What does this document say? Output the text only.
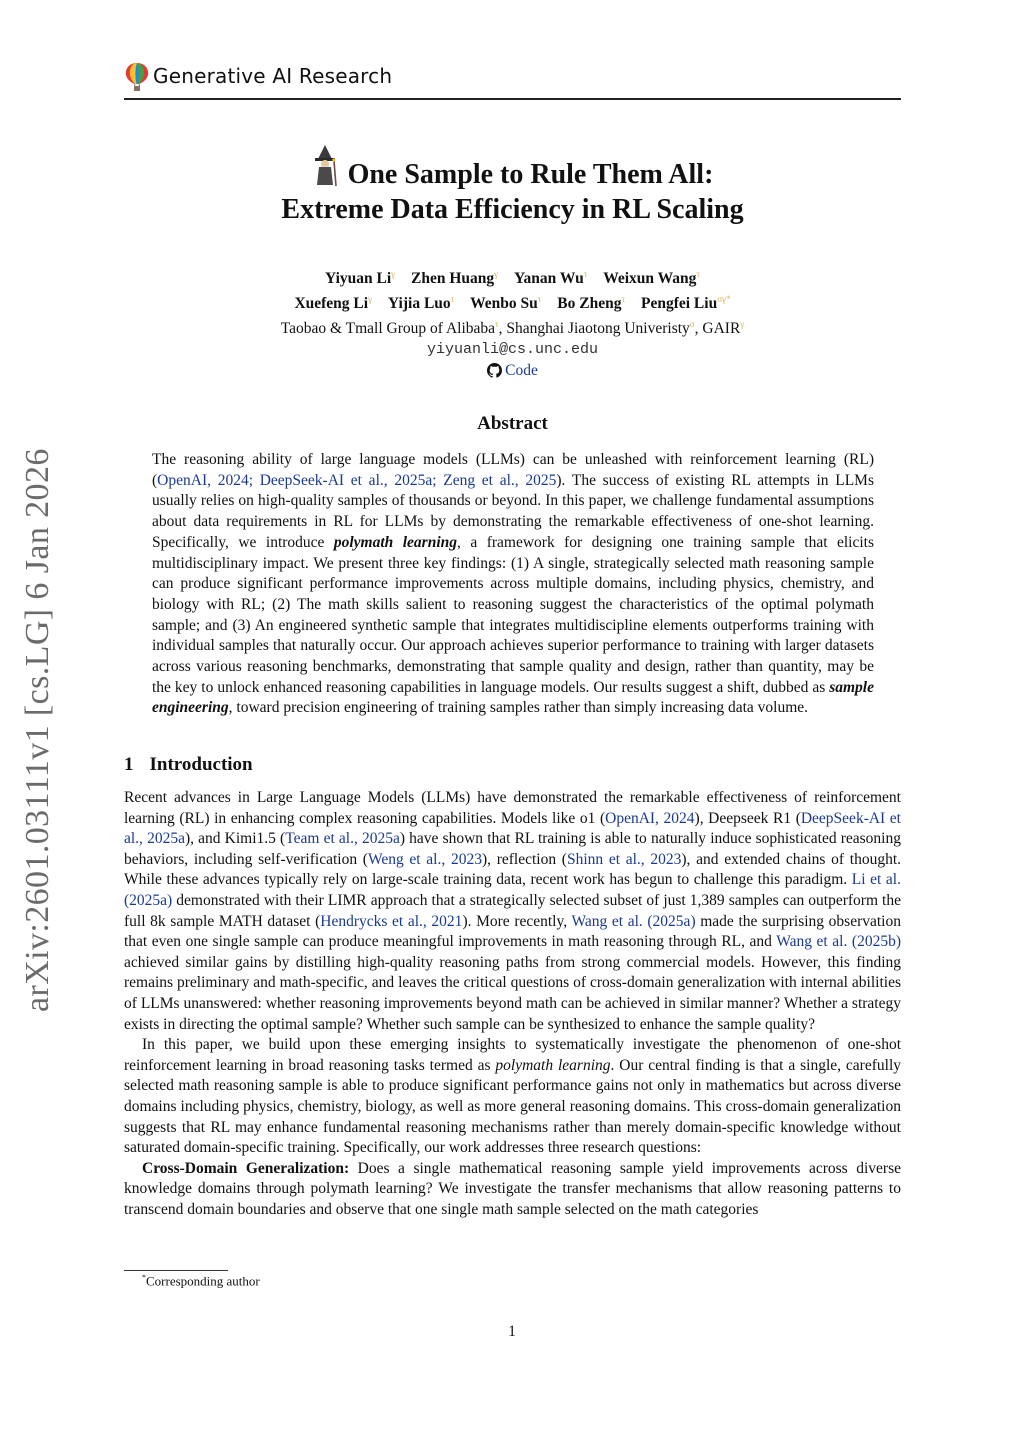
Generative AI Research
arXiv:2601.03111v1 [cs.LG] 6 Jan 2026
One Sample to Rule Them All:
Extreme Data Efficiency in RL Scaling
Yiyuan $Li^\gamma$ Zhen Huang$^\gamma$ Yanan $Wu^\tau$ Weixun Wang$^\tau$
Xuefeng $Li^\gamma$ Yijia Luo$^\tau$ Wenbo $Su^\tau$ Bo Zheng$^\tau$ Pengfei Liu$^{\sigma\gamma*}$
Taobao & Tmall Group of Alibaba$^\tau$, Shanghai Jiaotong Univeristy$^\sigma$, $GAIR^\gamma$
yiyuanli@cs.unc.edu
Code
Abstract
The reasoning ability of large language models (LLMs) can be unleashed with reinforcement learning (RL) (OpenAI, 2024; DeepSeek-AI et al., 2025a; Zeng et al., 2025). The success of existing RL attempts in LLMs usually relies on high-quality samples of thousands or beyond. In this paper, we challenge fundamental assumptions about data requirements in RL for LLMs by demonstrating the remarkable effectiveness of one-shot learning. Specifically, we introduce polymath learning, a framework for designing one training sample that elicits multidisciplinary impact. We present three key findings: (1) A single, strategically selected math reasoning sample can produce significant performance improvements across multiple domains, including physics, chemistry, and biology with RL; (2) The math skills salient to reasoning suggest the characteristics of the optimal polymath sample; and (3) An engineered synthetic sample that integrates multidiscipline elements outperforms training with individual samples that naturally occur. Our approach achieves superior performance to training with larger datasets across various reasoning benchmarks, demonstrating that sample quality and design, rather than quantity, may be the key to unlock enhanced reasoning capabilities in language models. Our results suggest a shift, dubbed as sample engineering, toward precision engineering of training samples rather than simply increasing data volume.
1 Introduction

Recent advances in Large Language Models (LLMs) have demonstrated the remarkable effectiveness of reinforcement learning (RL) in enhancing complex reasoning capabilities. Models like o1 (OpenAI, 2024), Deepseek R1 (DeepSeek-AI et al., 2025a), and Kimi1.5 (Team et al., 2025a) have shown that RL training is able to naturally induce sophisticated reasoning behaviors, including self-verification (Weng et al., 2023), reflection (Shinn et al., 2023), and extended chains of thought. While these advances typically rely on large-scale training data, recent work has begun to challenge this paradigm. Li et al. (2025a) demonstrated with their LIMR approach that a strategically selected subset of just 1,389 samples can outperform the full 8k sample MATH dataset (Hendrycks et al., 2021). More recently, Wang et al. (2025a) made the surprising observation that even one single sample can produce meaningful improvements in math reasoning through RL, and Wang et al. (2025b) achieved similar gains by distilling high-quality reasoning paths from strong commercial models. However, this finding remains preliminary and math-specific, and leaves the critical questions of cross-domain generalization with internal abilities of LLMs unanswered: whether reasoning improvements beyond math can be achieved in similar manner? Whether a strategy exists in directing the optimal sample? Whether such sample can be synthesized to enhance the sample quality?

In this paper, we build upon these emerging insights to systematically investigate the phenomenon of one-shot reinforcement learning in broad reasoning tasks termed as polymath learning. Our central finding is that a single, carefully selected math reasoning sample is able to produce significant performance gains not only in mathematics but across diverse domains including physics, chemistry, biology, as well as more general reasoning domains. This cross-domain generalization suggests that RL may enhance fundamental reasoning mechanisms rather than merely domain-specific knowledge without saturated domain-specific training. Specifically, our work addresses three research questions:

Cross-Domain Generalization: Does a single mathematical reasoning sample yield improvements across diverse knowledge domains through polymath learning? We investigate the transfer mechanisms that allow reasoning patterns to transcend domain boundaries and observe that one single math sample selected on the math categories

*Corresponding author
1
